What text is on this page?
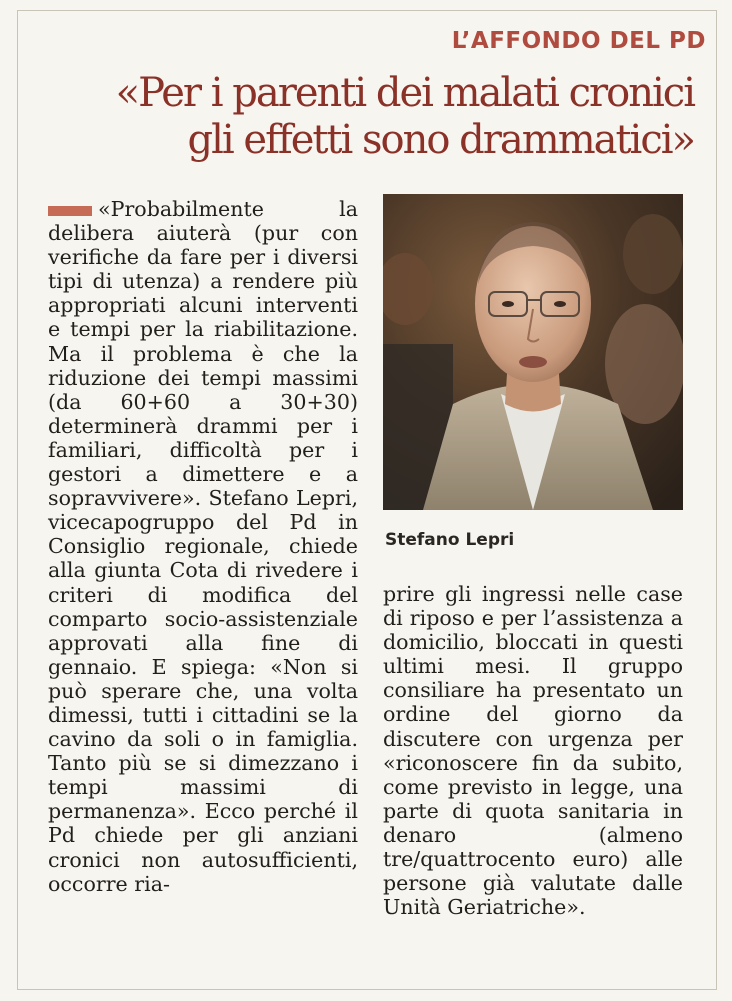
L’AFFONDO DEL PD
«Per i parenti dei malati cronici
gli effetti sono drammatici»
«Probabilmente la delibera aiuterà (pur con verifiche da fare per i diversi tipi di utenza) a rendere più appropriati alcuni interventi e tempi per la riabilitazione. Ma il problema è che la riduzione dei tempi massimi (da 60+60 a 30+30) determinerà drammi per i familiari, difficoltà per i gestori a dimettere e a sopravvivere». Stefano Lepri, vicecapogruppo del Pd in Consiglio regionale, chiede alla giunta Cota di rivedere i criteri di modifica del comparto socio-assistenziale approvati alla fine di gennaio. E spiega: «Non si può sperare che, una volta dimessi, tutti i cittadini se la cavino da soli o in famiglia. Tanto più se si dimezzano i tempi massimi di permanenza». Ecco perché il Pd chiede per gli anziani cronici non autosufficienti, occorre ria-
Stefano Lepri
prire gli ingressi nelle case di riposo e per l’assistenza a domicilio, bloccati in questi ultimi mesi. Il gruppo consiliare ha presentato un ordine del giorno da discutere con urgenza per «riconoscere fin da subito, come previsto in legge, una parte di quota sanitaria in denaro (almeno tre/quattrocento euro) alle persone già valutate dalle Unità Geriatriche».
